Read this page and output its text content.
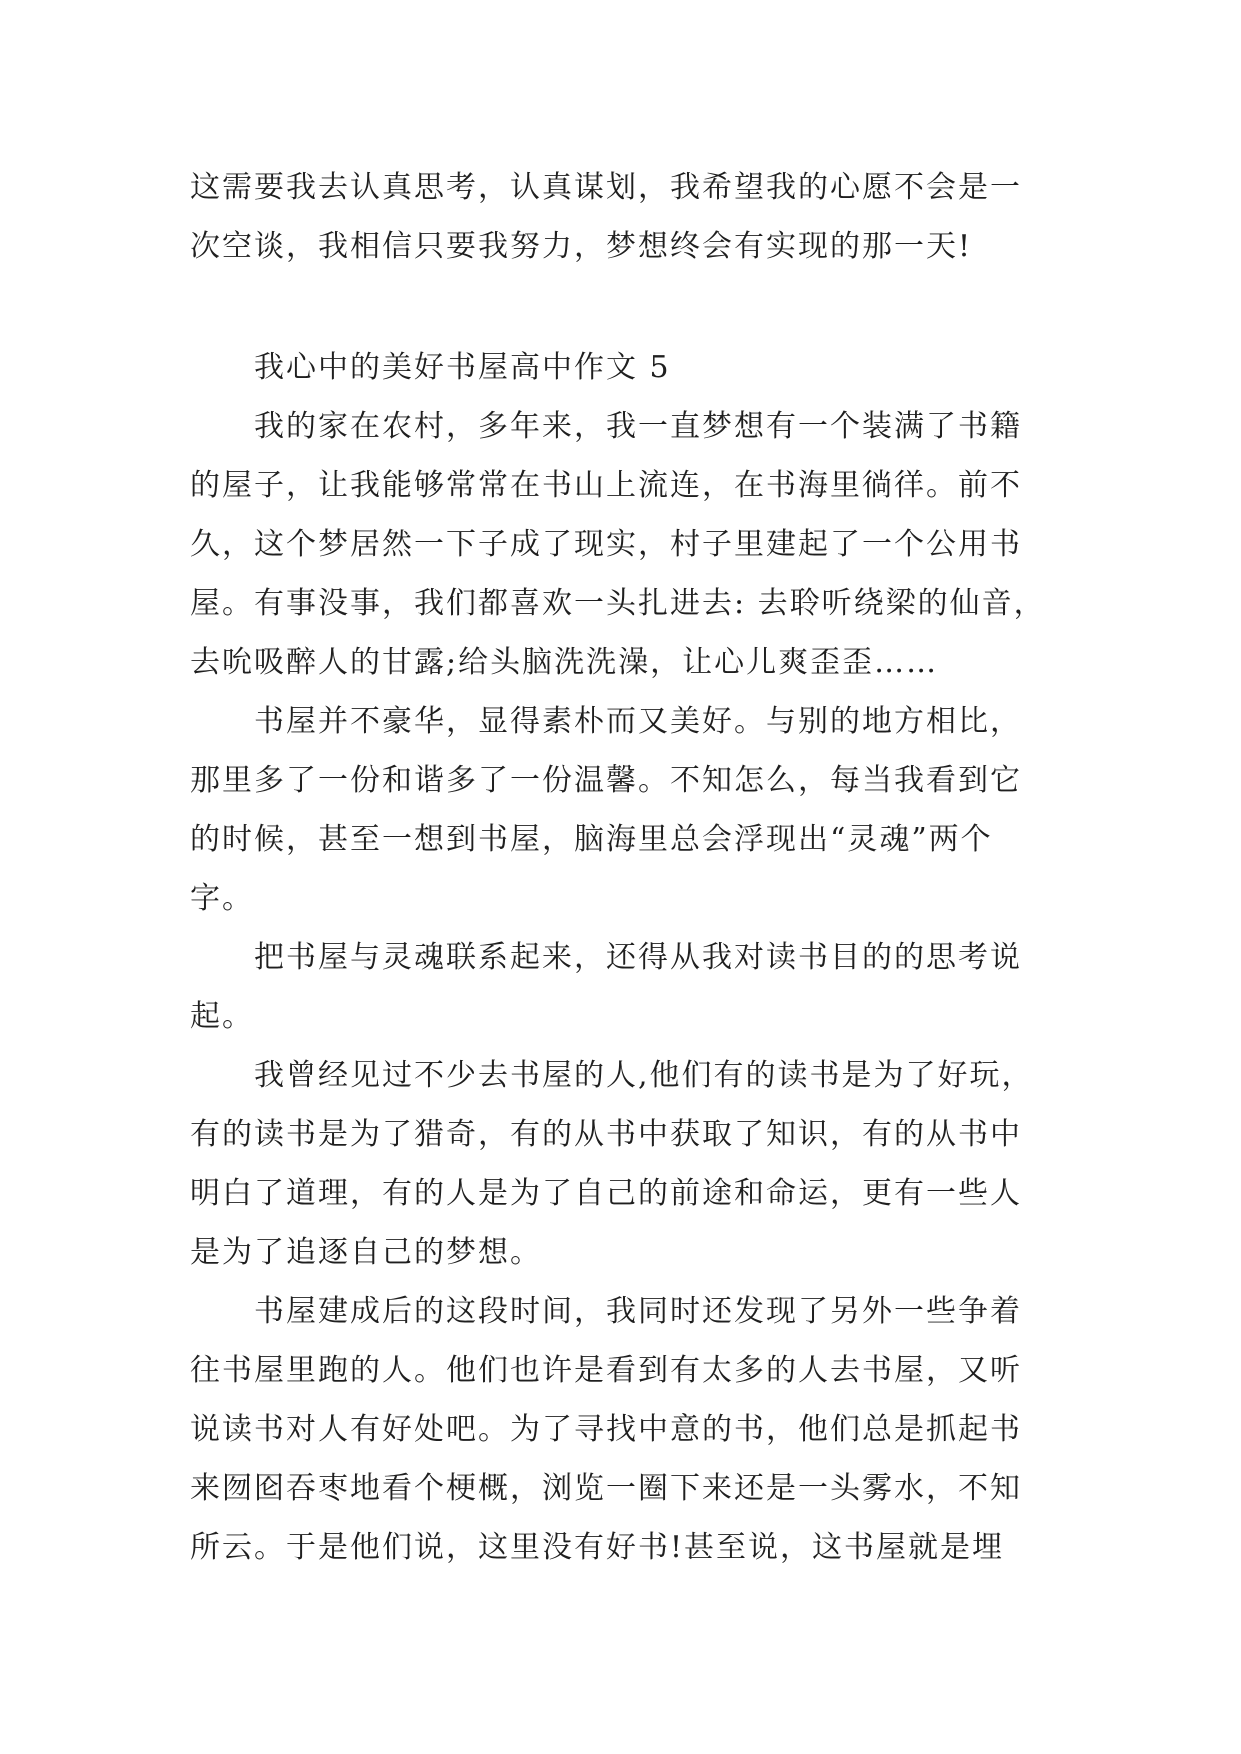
这需要我去认真思考，认真谋划，我希望我的心愿不会是一
次空谈，我相信只要我努力，梦想终会有实现的那一天!
我心中的美好书屋高中作文 5
我的家在农村，多年来，我一直梦想有一个装满了书籍
的屋子，让我能够常常在书山上流连，在书海里徜徉。前不
久，这个梦居然一下子成了现实，村子里建起了一个公用书
屋。有事没事，我们都喜欢一头扎进去: 去聆听绕梁的仙音，
去吮吸醉人的甘露;给头脑洗洗澡，让心儿爽歪歪……
书屋并不豪华，显得素朴而又美好。与别的地方相比，
那里多了一份和谐多了一份温馨。不知怎么，每当我看到它
的时候，甚至一想到书屋，脑海里总会浮现出“灵魂”两个
字。
把书屋与灵魂联系起来，还得从我对读书目的的思考说
起。
我曾经见过不少去书屋的人,他们有的读书是为了好玩，
有的读书是为了猎奇，有的从书中获取了知识，有的从书中
明白了道理，有的人是为了自己的前途和命运，更有一些人
是为了追逐自己的梦想。
书屋建成后的这段时间，我同时还发现了另外一些争着
往书屋里跑的人。他们也许是看到有太多的人去书屋，又听
说读书对人有好处吧。为了寻找中意的书，他们总是抓起书
来囫囵吞枣地看个梗概，浏览一圈下来还是一头雾水，不知
所云。于是他们说，这里没有好书!甚至说，这书屋就是埋
